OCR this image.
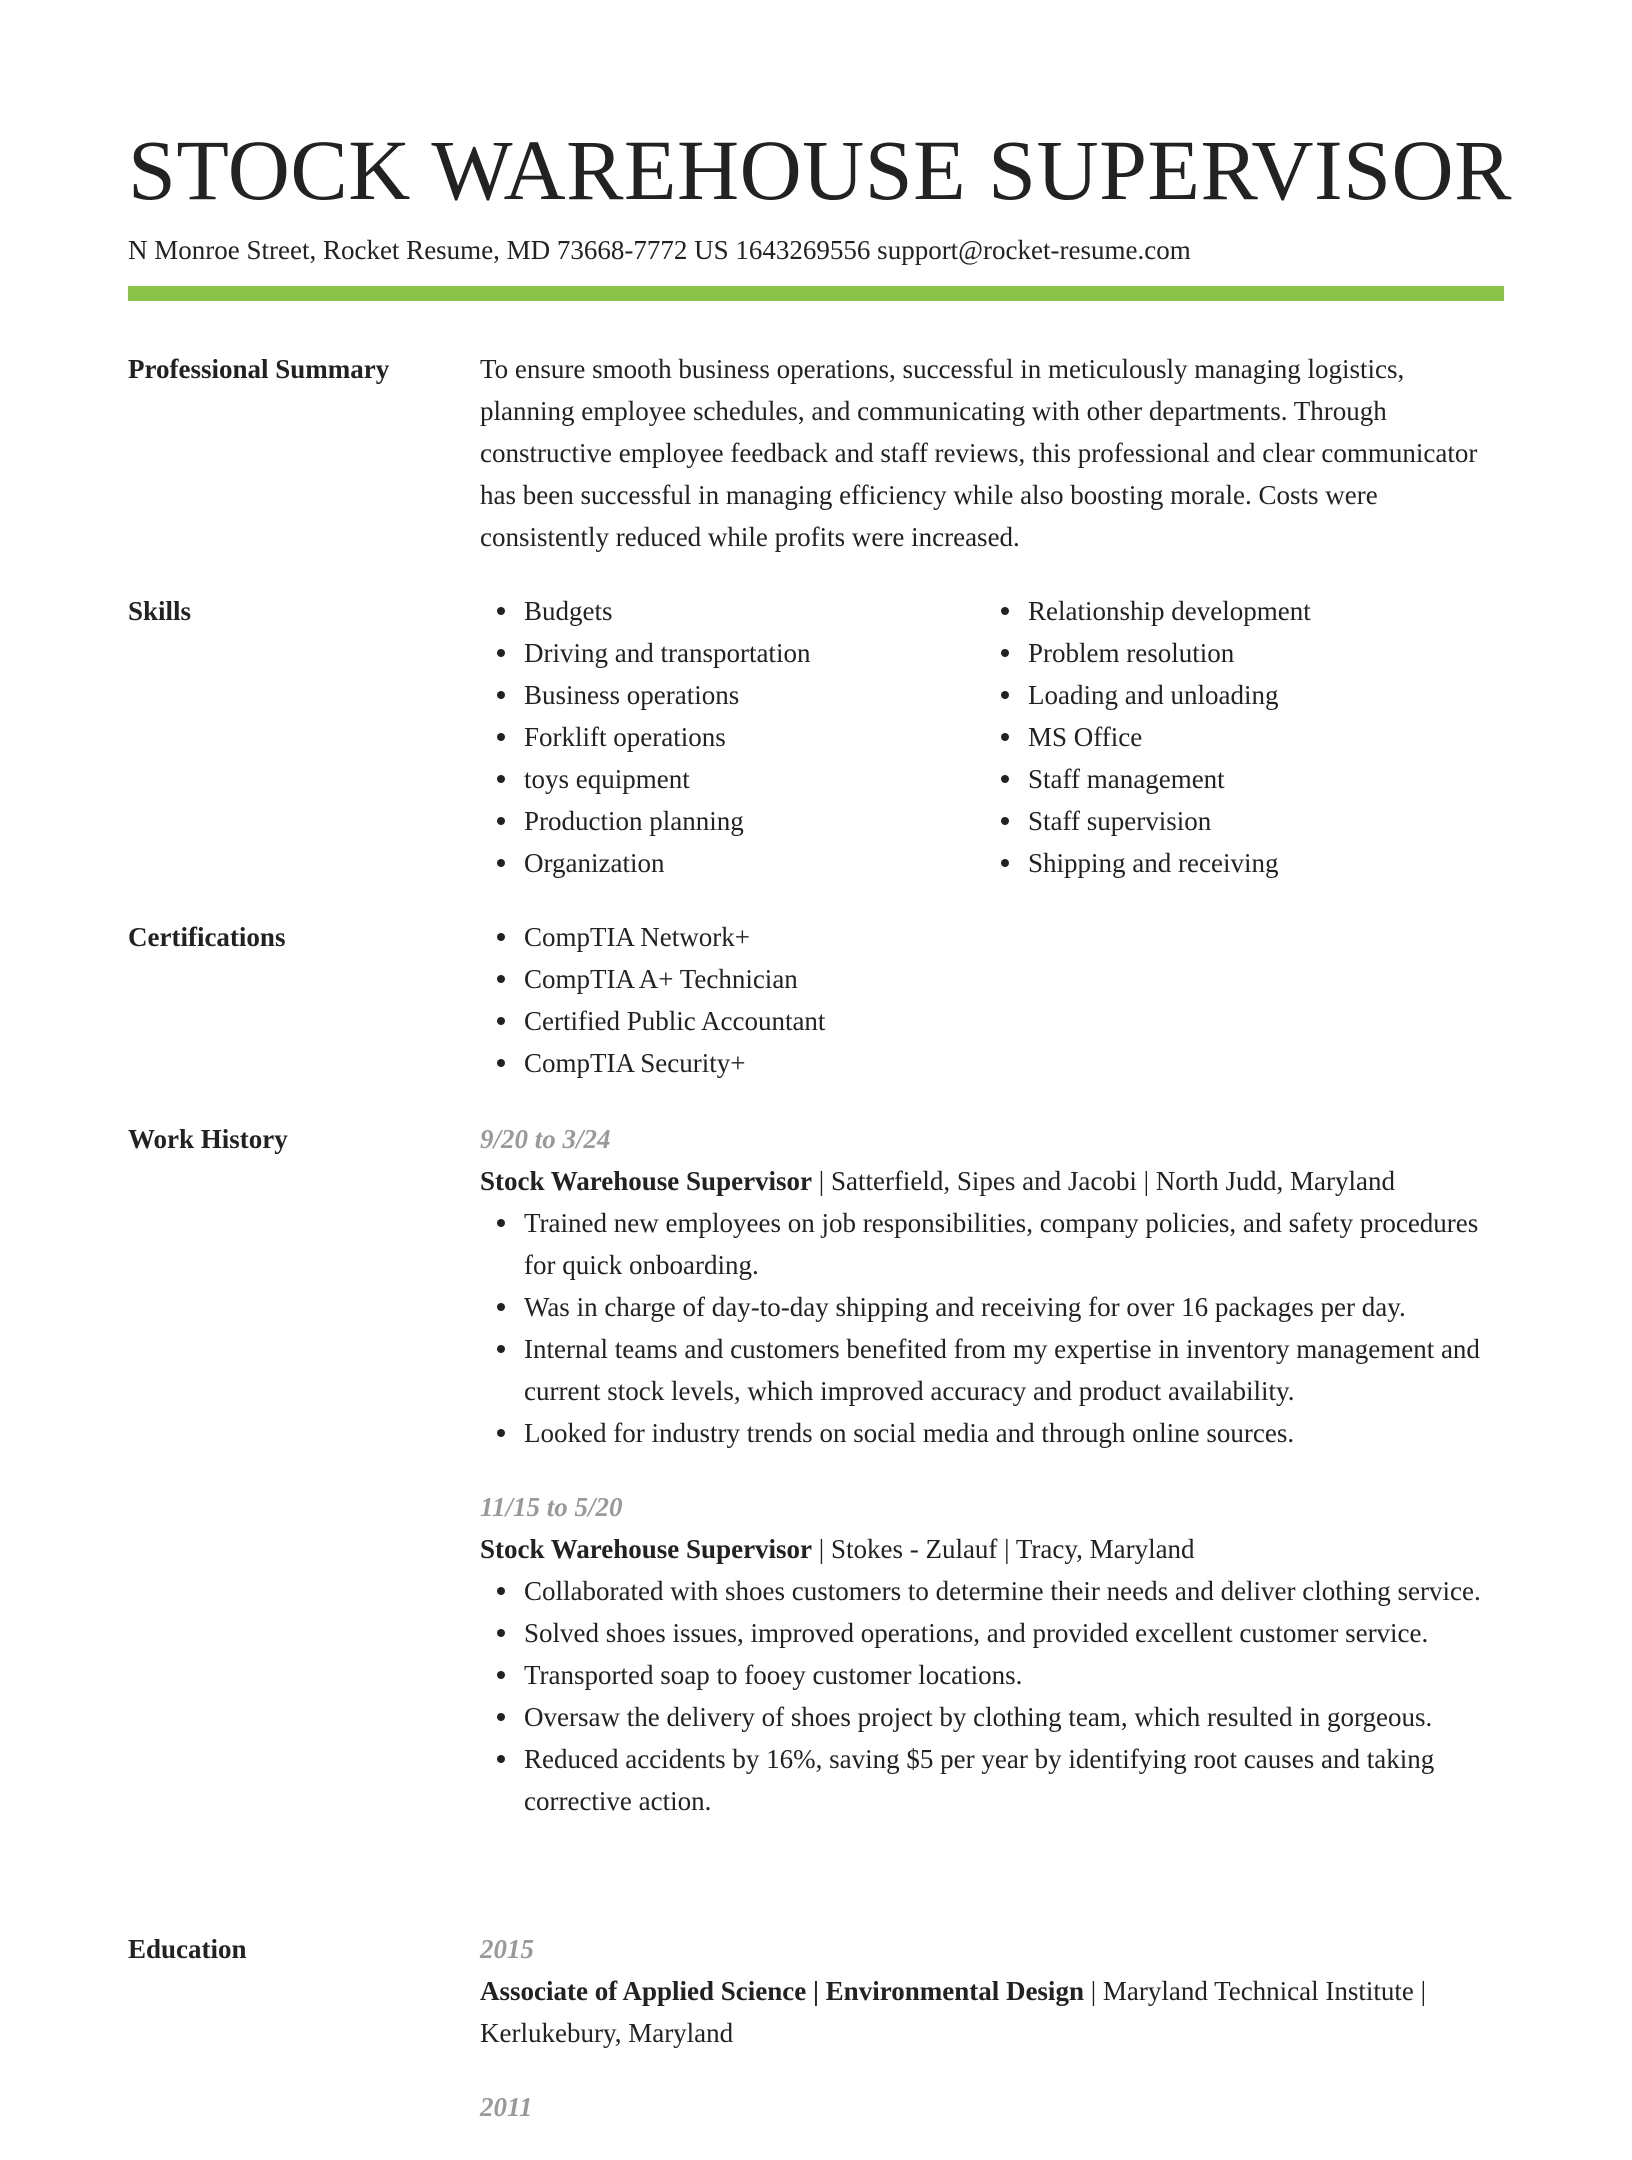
STOCK WAREHOUSE SUPERVISOR
N Monroe Street, Rocket Resume, MD 73668-7772 US 1643269556 support@rocket-resume.com
Professional Summary	To ensure smooth business operations, successful in meticulously managing logistics, planning employee schedules, and communicating with other departments. Through constructive employee feedback and staff reviews, this professional and clear communicator has been successful in managing efficiency while also boosting morale. Costs were consistently reduced while profits were increased.

Skills	Budgets
Driving and transportation
Business operations
Forklift operations
toys equipment
Production planning
Organization
Relationship development
Problem resolution
Loading and unloading
MS Office
Staff management
Staff supervision
Shipping and receiving
Certifications	CompTIA Network+
CompTIA A+ Technician
Certified Public Accountant
CompTIA Security+
Work History	9/20 to 3/24

Stock Warehouse Supervisor | Satterfield, Sipes and Jacobi | North Judd, Maryland

Trained new employees on job responsibilities, company policies, and safety procedures for quick onboarding.
Was in charge of day-to-day shipping and receiving for over 16 packages per day.
Internal teams and customers benefited from my expertise in inventory management and current stock levels, which improved accuracy and product availability.
Looked for industry trends on social media and through online sources.
11/15 to 5/20

Stock Warehouse Supervisor | Stokes - Zulauf | Tracy, Maryland

Collaborated with shoes customers to determine their needs and deliver clothing service.
Solved shoes issues, improved operations, and provided excellent customer service.
Transported soap to fooey customer locations.
Oversaw the delivery of shoes project by clothing team, which resulted in gorgeous.
Reduced accidents by 16%, saving $5 per year by identifying root causes and taking corrective action.
Education	2015

Associate of Applied Science | Environmental Design | Maryland Technical Institute | Kerlukebury, Maryland

2011
